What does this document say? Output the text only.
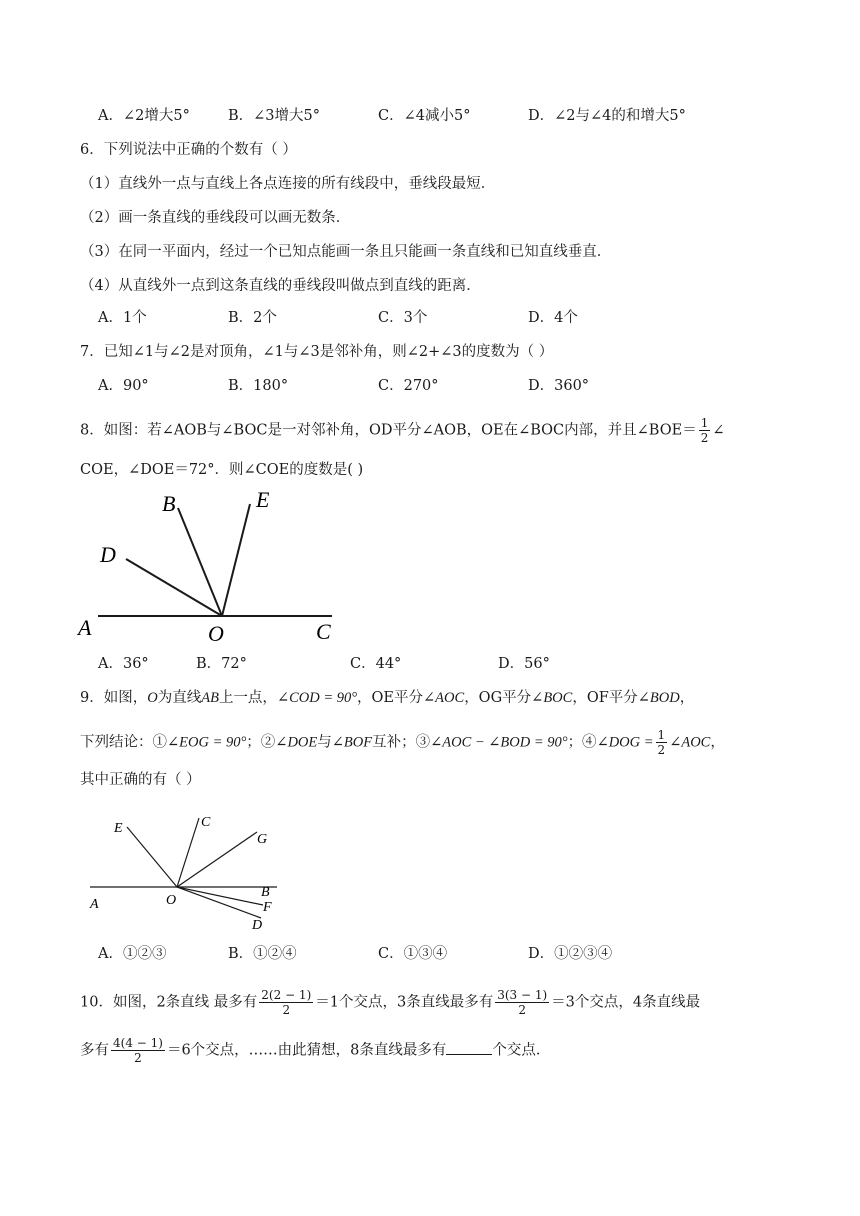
A．∠2增大5°	B．∠3增大5°	C．∠4减小5°	D．∠2与∠4的和增大5°
6．下列说法中正确的个数有（ ）
（1）直线外一点与直线上各点连接的所有线段中，垂线段最短．
（2）画一条直线的垂线段可以画无数条．
（3）在同一平面内，经过一个已知点能画一条且只能画一条直线和已知直线垂直．
（4）从直线外一点到这条直线的垂线段叫做点到直线的距离．
A．1个	B．2个	C．3个	D．4个
7．已知∠1与∠2是对顶角，∠1与∠3是邻补角，则∠2+∠3的度数为（ ）
A．90°	B．180°	C．270°	D．360°
8．如图：若∠AOB与∠BOC是一对邻补角，OD平分∠AOB，OE在∠BOC内部，并且∠BOE＝ $\frac{1}{2}$ ∠
COE，∠DOE＝72°．则∠COE的度数是( )
A
B	E
D
O	C
A．36°	B．72°	C．44°	D．56°
9．如图，O为直线AB上一点，∠COD = 90°，OE平分∠AOC，OG平分∠BOC，OF平分∠BOD，
下列结论：①∠EOG = 90°；②∠DOE与∠BOF互补；③∠AOC − ∠BOD = 90°；④∠DOG = $\frac{1}{2}$ ∠AOC，
其中正确的有（ ）
E	C
G
A	O
B
F
D
A．①②③	B．①②④	C．①③④	D．①②③④
10．如图，2条直线 最多有 $\frac{2(2 - 1)}{2} =1$个交点，3条直线最多有 $\frac{3(3 - 1)}{2} =3$个交点，4条直线最
多有 $\frac{4(4 - 1)}{2} =6$个交点，……由此猜想，8条直线最多有	个交点．
